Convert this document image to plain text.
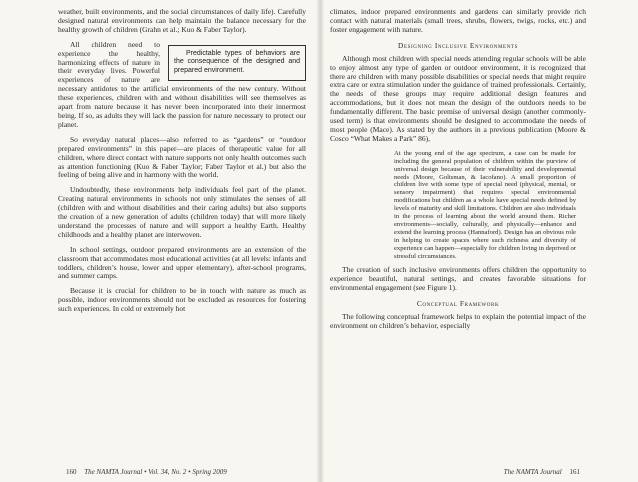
weather, built environments, and the social circumstances of daily life). Carefully designed natural environments can help maintain the balance necessary for the healthy growth of children (Grahn et al.; Kuo & Faber Taylor).

Predictable types of behaviors are the consequence of the designed and prepared environment.
All children need to experience the healthy, harmonizing effects of nature in their everyday lives. Powerful experiences of nature are necessary antidotes to the artificial environments of the new century. Without these experiences, children with and without disabilities will see themselves as apart from nature because it has never been incorporated into their innermost being. If so, as adults they will lack the passion for nature necessary to protect our planet.

So everyday natural places—also referred to as “gardens” or “outdoor prepared environments” in this paper—are places of therapeutic value for all children, where direct contact with nature supports not only health outcomes such as attention functioning (Kuo & Faber Taylor; Faber Taylor et al.) but also the feeling of being alive and in harmony with the world.

Undoubtedly, these environments help individuals feel part of the planet. Creating natural environments in schools not only stimulates the senses of all (children with and without disabilities and their caring adults) but also supports the creation of a new generation of adults (children today) that will more likely understand the processes of nature and will support a healthy Earth. Healthy childhoods and a healthy planet are interwoven.

In school settings, outdoor prepared environments are an extension of the classroom that accommodates most educational activities (at all levels: infants and toddlers, children’s house, lower and upper elementary), after-school programs, and summer camps.

Because it is crucial for children to be in touch with nature as much as possible, indoor environments should not be excluded as resources for fostering such experiences. In cold or extremely hot

climates, indoor prepared environments and gardens can similarly provide rich contact with natural materials (small trees, shrubs, flowers, twigs, rocks, etc.) and foster engagement with nature.

Designing Inclusive Environments

Although most children with special needs attending regular schools will be able to enjoy almost any type of garden or outdoor environment, it is recognized that there are children with many possible disabilities or special needs that might require extra care or extra stimulation under the guidance of trained professionals. Certainly, the needs of these groups may require additional design features and accommodations, but it does not mean the design of the outdoors needs to be fundamentally different. The basic premise of universal design (another commonly-used term) is that environments should be designed to accommodate the needs of most people (Mace). As stated by the authors in a previous publication (Moore & Cosco “What Makes a Park” 86),

At the young end of the age spectrum, a case can be made for including the general population of children within the purview of universal design because of their vulnerability and developmental needs (Moore, Goltsman, & Iacofano). A small proportion of children live with some type of special need (physical, mental, or sensory impairment) that requires special environmental modifications but children as a whole have special needs defined by levels of maturity and skill limitations. Children are also individuals in the process of learning about the world around them. Richer environments—socially, culturally, and physically—enhance and extend the learning process (Hannaford). Design has an obvious role in helping to create spaces where such richness and diversity of experience can happen—especially for children living in deprived or stressful circumstances.

The creation of such inclusive environments offers children the opportunity to experience beautiful, natural settings, and creates favorable situations for environmental engagement (see Figure 1).

Conceptual Framework

The following conceptual framework helps to explain the potential impact of the environment on children’s behavior, especially

160 The NAMTA Journal • Vol. 34, No. 2 • Spring 2009	The NAMTA Journal 161
